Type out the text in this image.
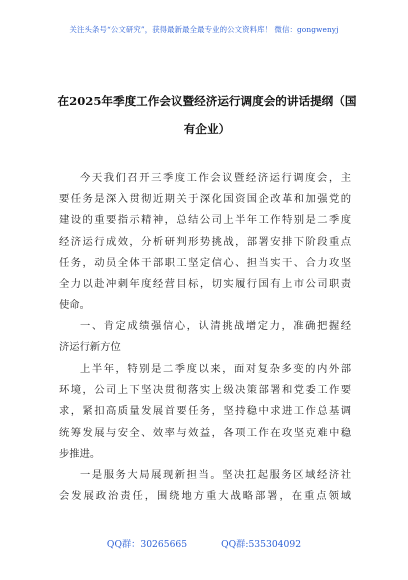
关注头条号“公文研究”，获得最新最全最专业的公文资料库！ 微信：gongwenyj
在2025年季度工作会议暨经济运行调度会的讲话提纲（国
有企业）
今天我们召开三季度工作会议暨经济运行调度会，主
要任务是深入贯彻近期关于深化国资国企改革和加强党的
建设的重要指示精神，总结公司上半年工作特别是二季度
经济运行成效，分析研判形势挑战，部署安排下阶段重点
任务，动员全体干部职工坚定信心、担当实干、合力攻坚
全力以赴冲刺年度经营目标，切实履行国有上市公司职责
使命。
一、肯定成绩强信心，认清挑战增定力，准确把握经
济运行新方位
上半年，特别是二季度以来，面对复杂多变的内外部
环境，公司上下坚决贯彻落实上级决策部署和党委工作要
求，紧扣高质量发展首要任务，坚持稳中求进工作总基调
统筹发展与安全、效率与效益，各项工作在攻坚克难中稳
步推进。
一是服务大局展现新担当。坚决扛起服务区域经济社
会发展政治责任，围绕地方重大战略部署，在重点领域
QQ群：30265665	QQ群:535304092
